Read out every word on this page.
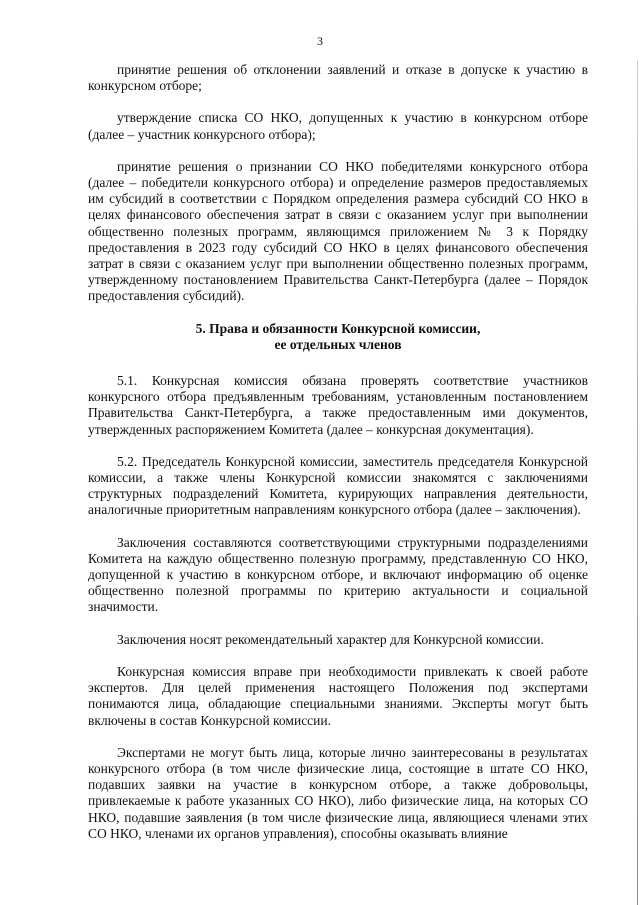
3

принятие решения об отклонении заявлений и отказе в допуске к участию в конкурсном отборе;

утверждение списка СО НКО, допущенных к участию в конкурсном отборе (далее – участник конкурсного отбора);

принятие решения о признании СО НКО победителями конкурсного отбора (далее – победители конкурсного отбора) и определение размеров предоставляемых им субсидий в соответствии с Порядком определения размера субсидий СО НКО в целях финансового обеспечения затрат в связи с оказанием услуг при выполнении общественно полезных программ, являющимся приложением № 3 к Порядку предоставления в 2023 году субсидий СО НКО в целях финансового обеспечения затрат в связи с оказанием услуг при выполнении общественно полезных программ, утвержденному постановлением Правительства Санкт-Петербурга (далее – Порядок предоставления субсидий).

5. Права и обязанности Конкурсной комиссии,
ее отдельных членов

5.1. Конкурсная комиссия обязана проверять соответствие участников конкурсного отбора предъявленным требованиям, установленным постановлением Правительства Санкт-Петербурга, а также предоставленным ими документов, утвержденных распоряжением Комитета (далее – конкурсная документация).

5.2. Председатель Конкурсной комиссии, заместитель председателя Конкурсной комиссии, а также члены Конкурсной комиссии знакомятся с заключениями структурных подразделений Комитета, курирующих направления деятельности, аналогичные приоритетным направлениям конкурсного отбора (далее – заключения).

Заключения составляются соответствующими структурными подразделениями Комитета на каждую общественно полезную программу, представленную СО НКО, допущенной к участию в конкурсном отборе, и включают информацию об оценке общественно полезной программы по критерию актуальности и социальной значимости.

Заключения носят рекомендательный характер для Конкурсной комиссии.

Конкурсная комиссия вправе при необходимости привлекать к своей работе экспертов. Для целей применения настоящего Положения под экспертами понимаются лица, обладающие специальными знаниями. Эксперты могут быть включены в состав Конкурсной комиссии.

Экспертами не могут быть лица, которые лично заинтересованы в результатах конкурсного отбора (в том числе физические лица, состоящие в штате СО НКО, подавших заявки на участие в конкурсном отборе, а также добровольцы, привлекаемые к работе указанных СО НКО), либо физические лица, на которых СО НКО, подавшие заявления (в том числе физические лица, являющиеся членами этих СО НКО, членами их органов управления), способны оказывать влияние
